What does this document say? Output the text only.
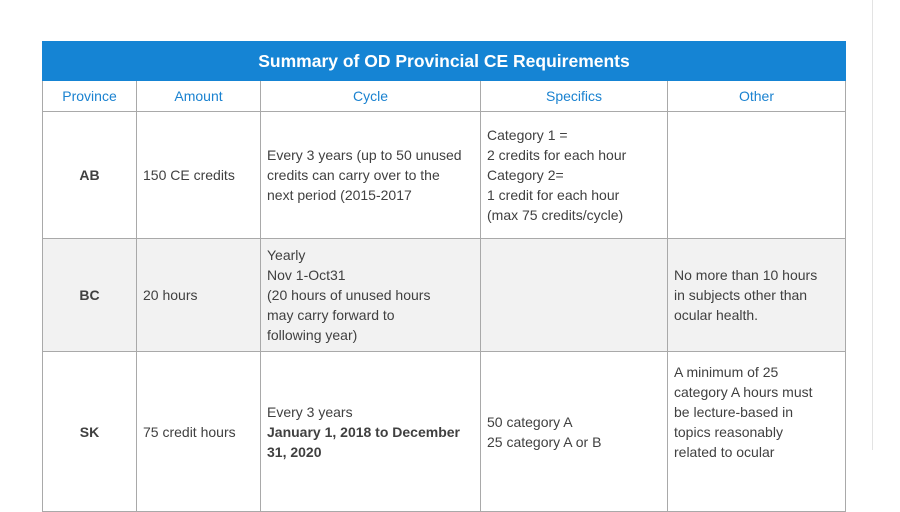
Summary of OD Provincial CE Requirements				
Province	Amount	Cycle	Specifics	Other
AB	150 CE credits	Every 3 years (up to 50 unused
credits can carry over to the
next period (2015-2017	Category 1 =
2 credits for each hour
Category 2=
1 credit for each hour
(max 75 credits/cycle)	

BC	20 hours	Yearly
Nov 1-Oct31
(20 hours of unused hours
may carry forward to
following year)		No more than 10 hours
in subjects other than
ocular health.

SK	75 credit hours	Every 3 years
January 1, 2018 to December
31, 2020	50 category A
25 category A or B	A minimum of 25
category A hours must
be lecture-based in
topics reasonably
related to ocular
